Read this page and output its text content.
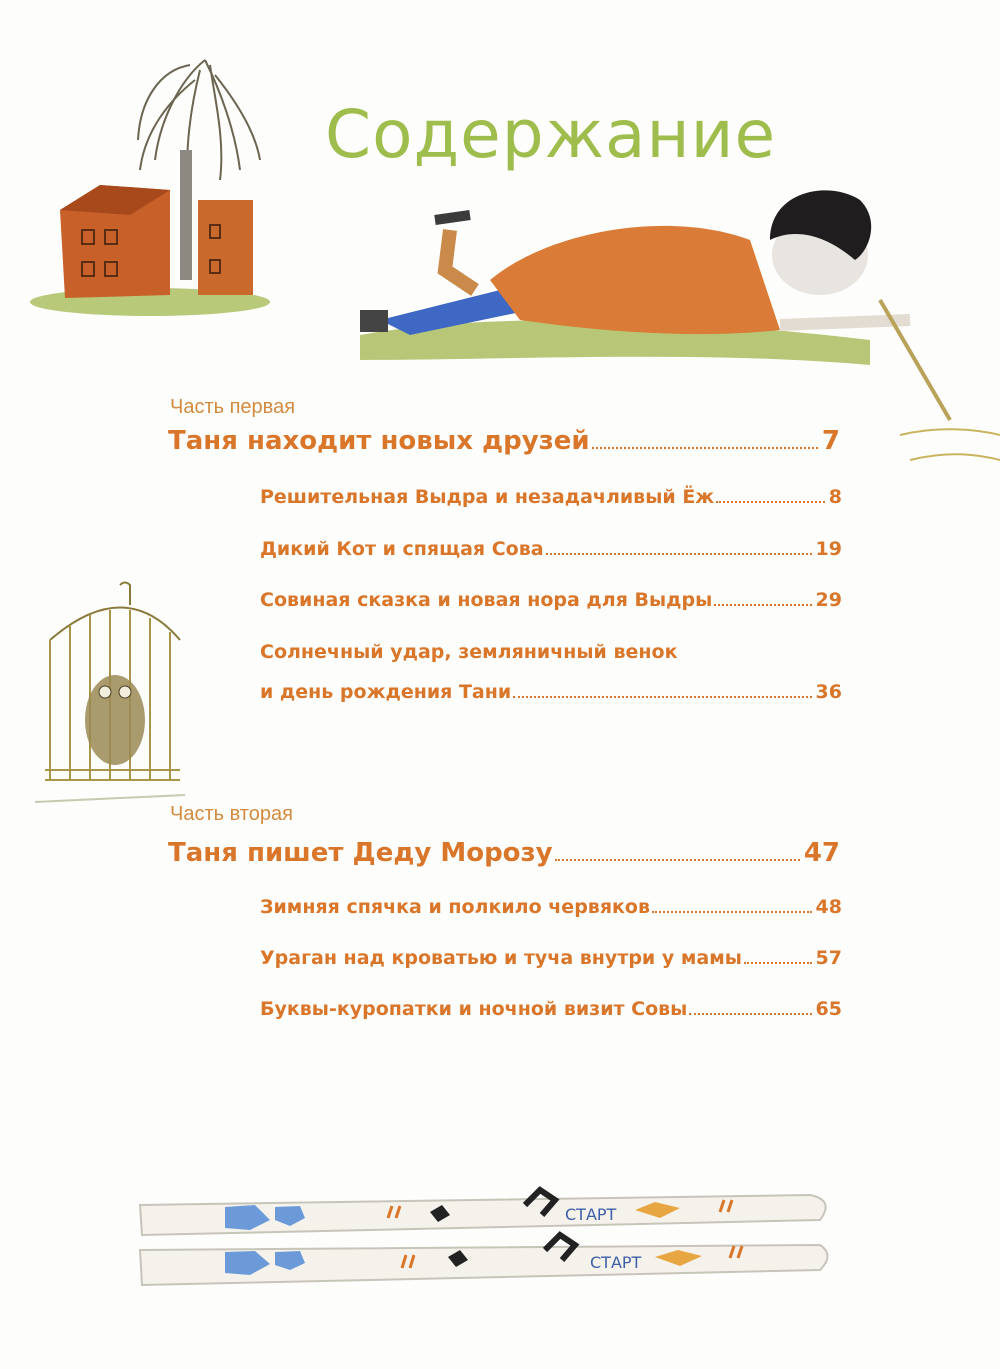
Содержание
СТАРТ
СТАРТ
Часть первая
Таня находит новых друзей	7
Решительная Выдра и незадачливый Ёж	8
Дикий Кот и спящая Сова	19
Совиная сказка и новая нора для Выдры	29
Солнечный удар, земляничный венок
и день рождения Тани	36
Часть вторая
Таня пишет Деду Морозу	47
Зимняя спячка и полкило червяков	48
Ураган над кроватью и туча внутри у мамы	57
Буквы-куропатки и ночной визит Совы	65
